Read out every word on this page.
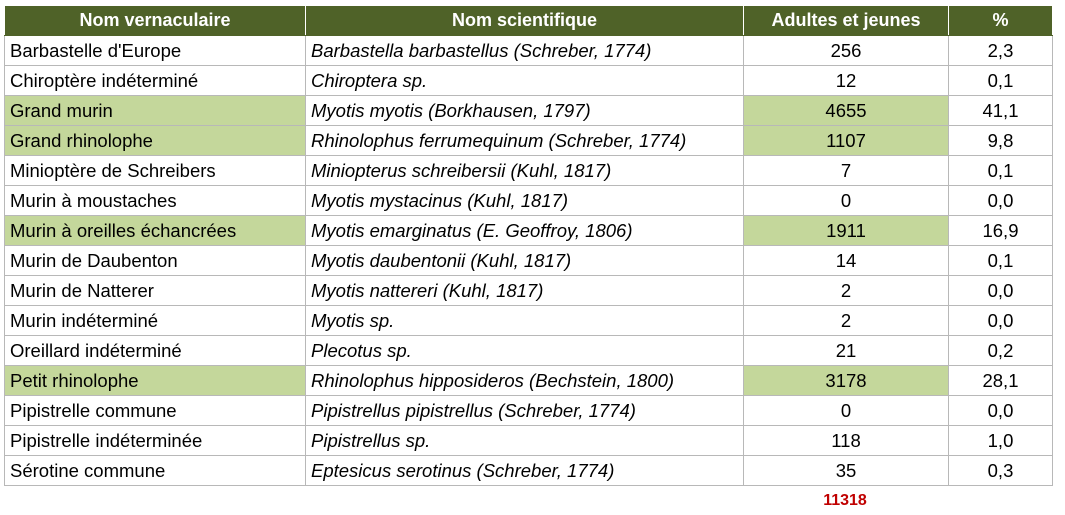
Nom vernaculaire	Nom scientifique	Adultes et jeunes	%
Barbastelle d'Europe	Barbastella barbastellus (Schreber, 1774)	256	2,3
Chiroptère indéterminé	Chiroptera sp.	12	0,1
Grand murin	Myotis myotis (Borkhausen, 1797)	4655	41,1
Grand rhinolophe	Rhinolophus ferrumequinum (Schreber, 1774)	1107	9,8
Minioptère de Schreibers	Miniopterus schreibersii (Kuhl, 1817)	7	0,1
Murin à moustaches	Myotis mystacinus (Kuhl, 1817)	0	0,0
Murin à oreilles échancrées	Myotis emarginatus (E. Geoffroy, 1806)	1911	16,9
Murin de Daubenton	Myotis daubentonii (Kuhl, 1817)	14	0,1
Murin de Natterer	Myotis nattereri (Kuhl, 1817)	2	0,0
Murin indéterminé	Myotis sp.	2	0,0
Oreillard indéterminé	Plecotus sp.	21	0,2
Petit rhinolophe	Rhinolophus hipposideros (Bechstein, 1800)	3178	28,1
Pipistrelle commune	Pipistrellus pipistrellus (Schreber, 1774)	0	0,0
Pipistrelle indéterminée	Pipistrellus sp.	118	1,0
Sérotine commune	Eptesicus serotinus (Schreber, 1774)	35	0,3
11318
